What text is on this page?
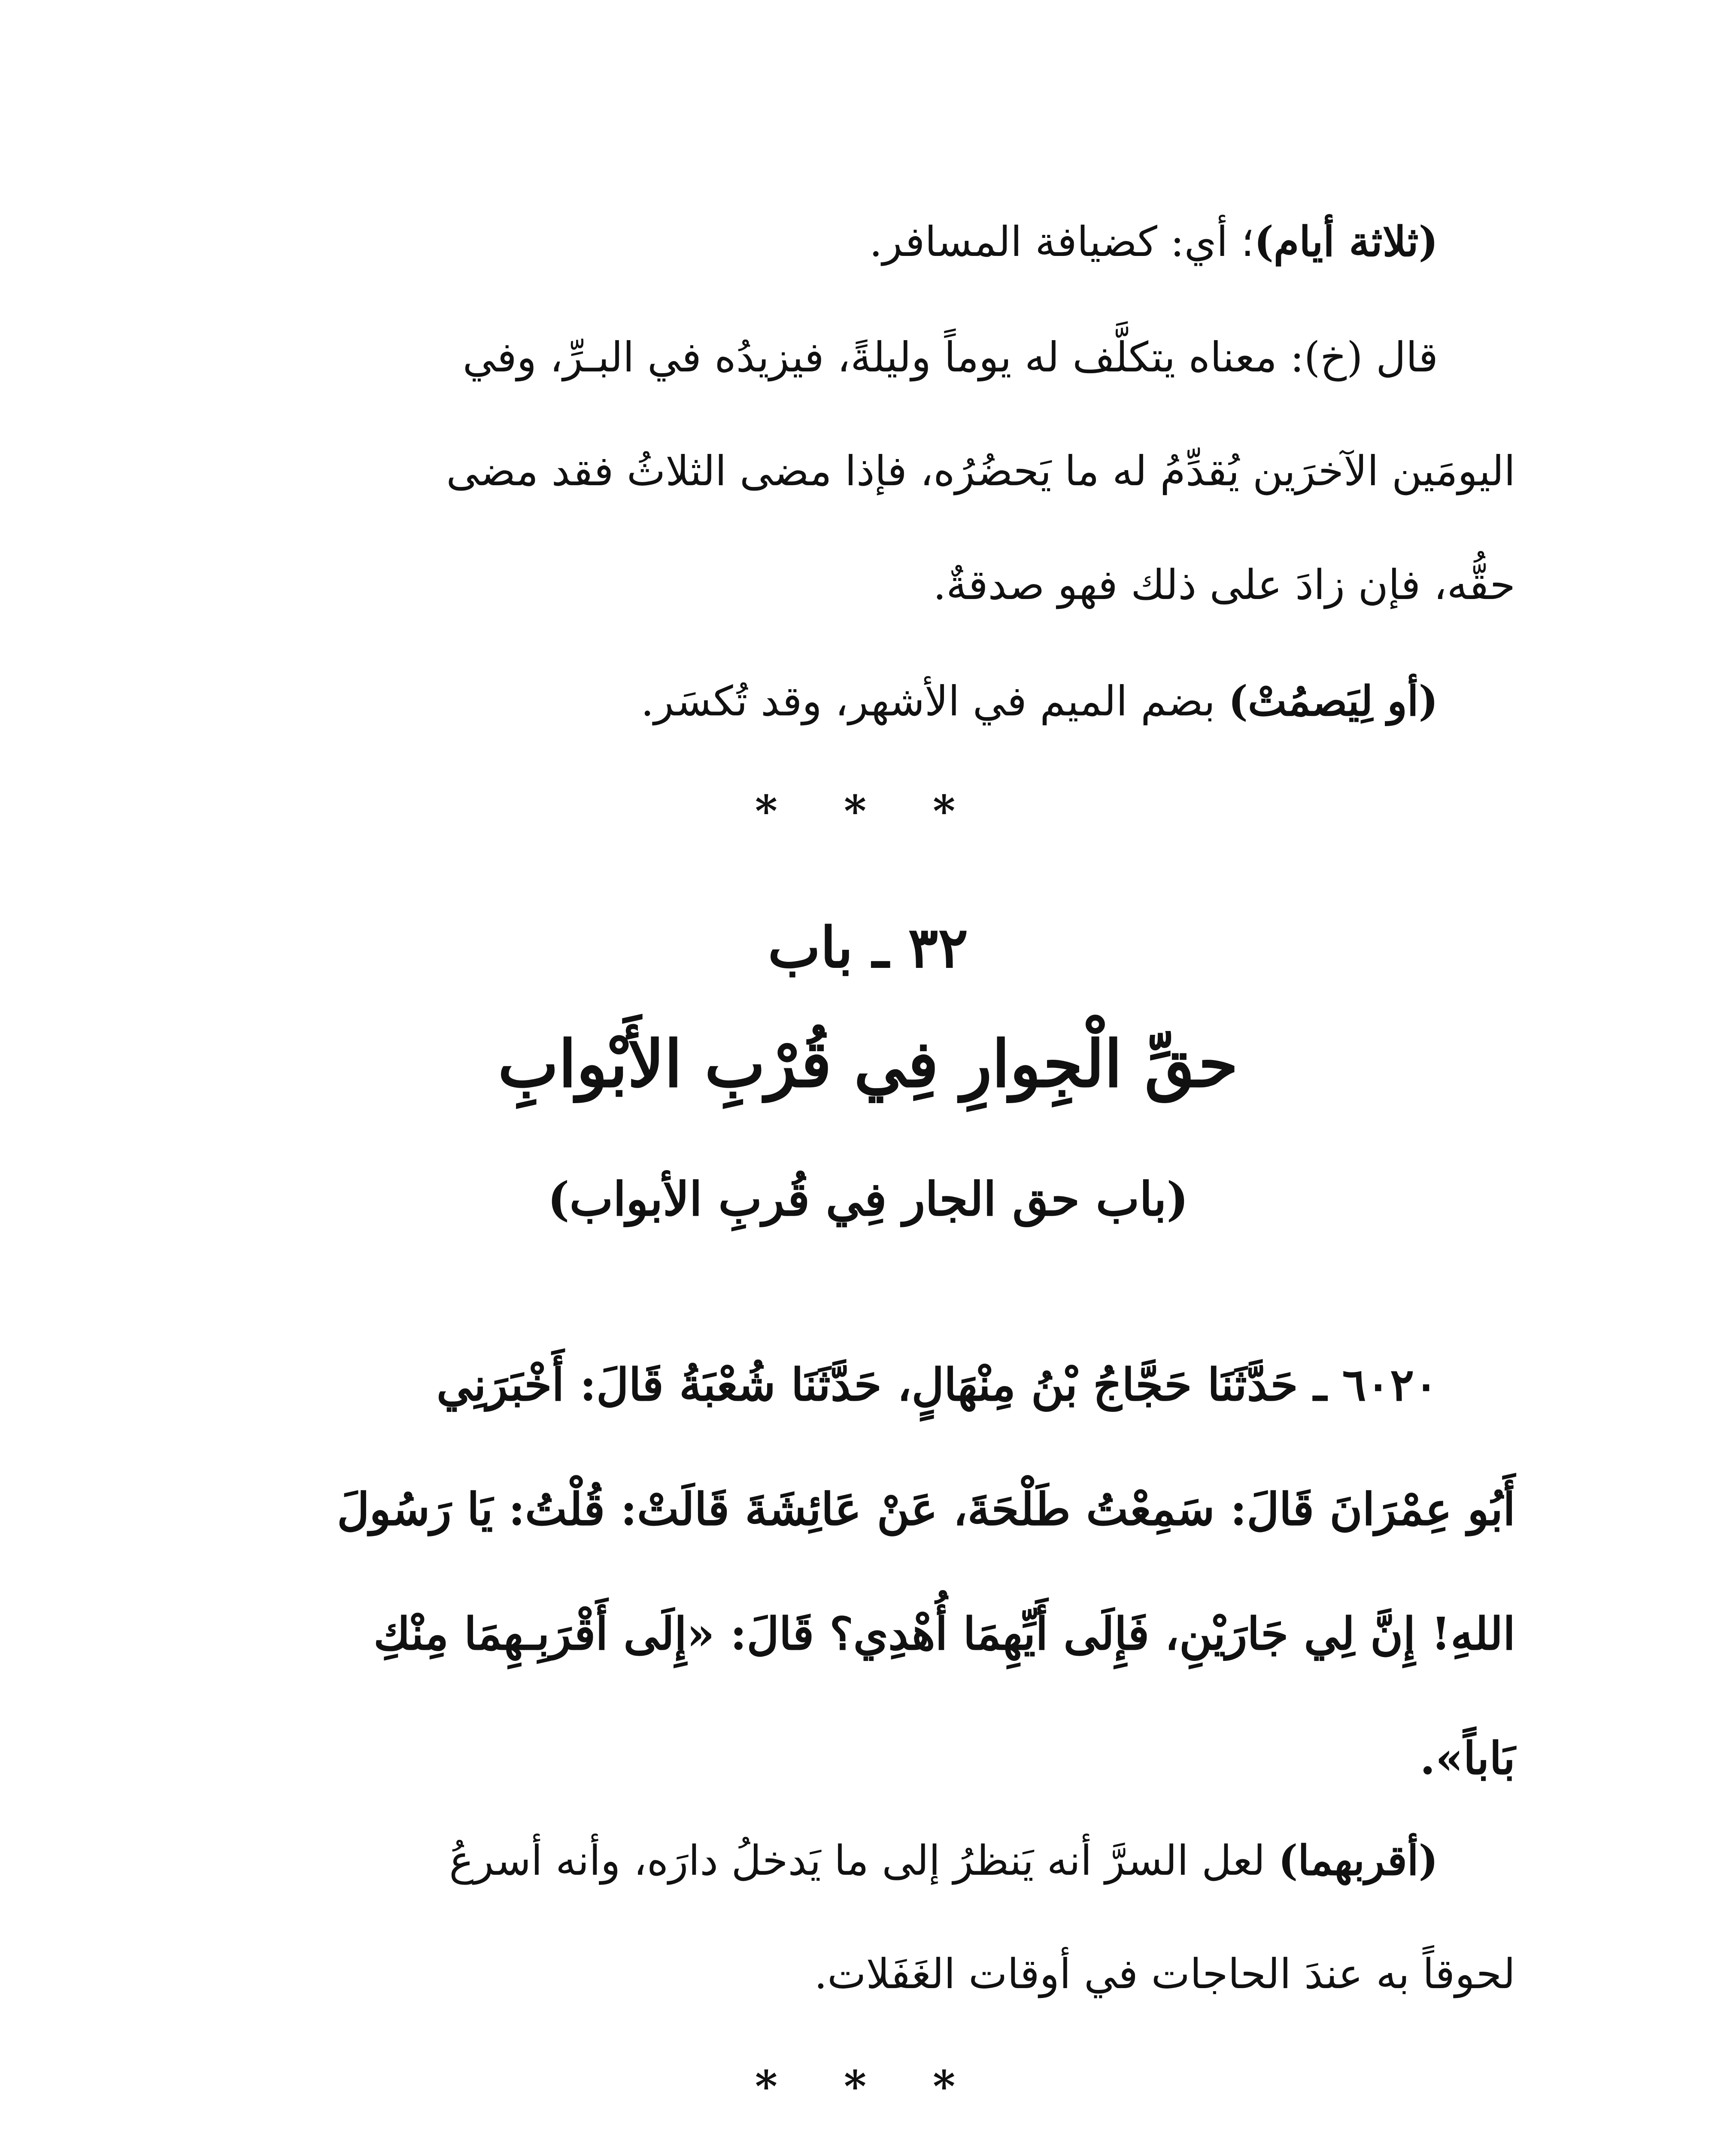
(ثلاثة أيام)؛ أي: كضيافة المسافر.
قال (خ): معناه يتكلَّف له يوماً وليلةً، فيزيدُه في البـرِّ، وفي
اليومَين الآخرَين يُقدِّمُ له ما يَحضُرُه، فإذا مضى الثلاثُ فقد مضى
حقُّه، فإن زادَ على ذلك فهو صدقةٌ.
(أو لِيَصمُتْ) بضم الميم في الأشهر، وقد تُكسَر.
* * *
٣٢ ـ باب
حقِّ الْجِوارِ فِي قُرْبِ الأَبْوابِ
(باب حق الجار فِي قُربِ الأبواب)
٦٠٢٠ ـ حَدَّثَنَا حَجَّاجُ بْنُ مِنْهَالٍ، حَدَّثَنَا شُعْبَةُ قَالَ: أَخْبَرَنِي
أَبُو عِمْرَانَ قَالَ: سَمِعْتُ طَلْحَةَ، عَنْ عَائِشَةَ قَالَتْ: قُلْتُ: يَا رَسُولَ
اللهِ! إِنَّ لِي جَارَيْنِ، فَإِلَى أَيِّهِمَا أُهْدِي؟ قَالَ: «إِلَى أَقْرَبِـهِمَا مِنْكِ
بَاباً».
(أقربهما) لعل السرَّ أنه يَنظرُ إلى ما يَدخلُ دارَه، وأنه أسرعُ
لحوقاً به عندَ الحاجات في أوقات الغَفَلات.
* * *
